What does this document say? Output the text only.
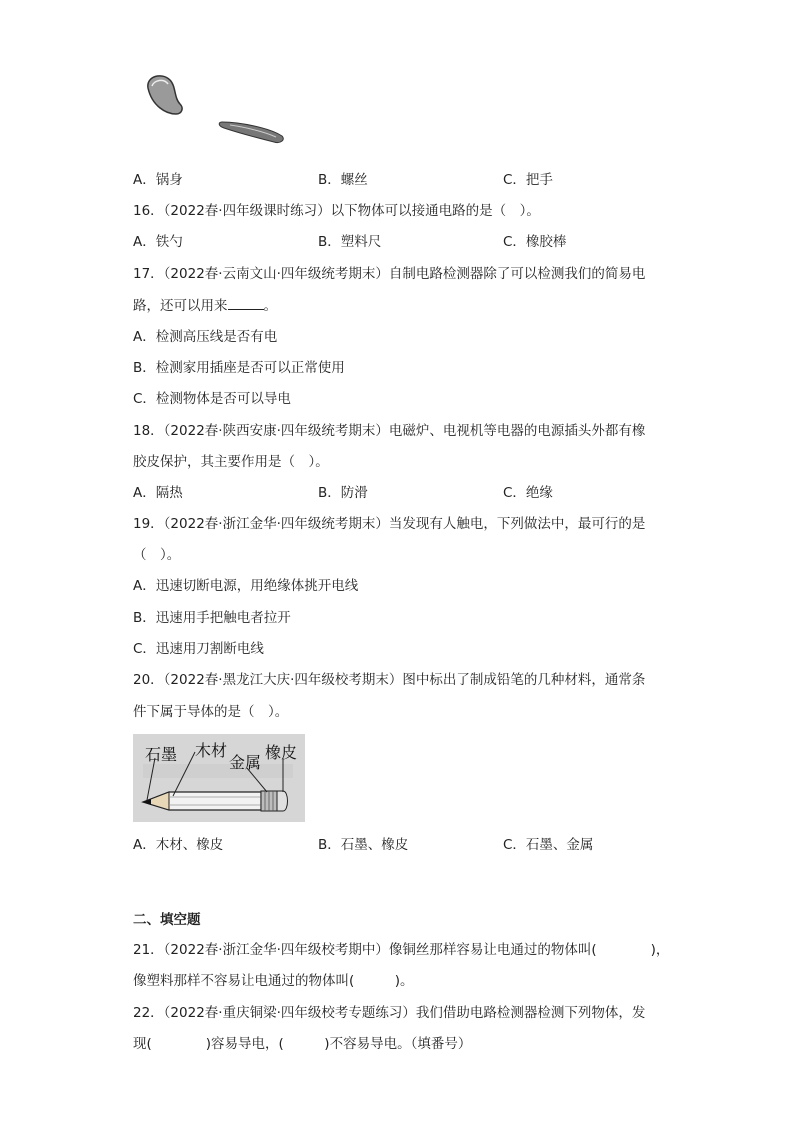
A．锅身	B．螺丝	C．把手
16．（2022春·四年级课时练习）以下物体可以接通电路的是（　）。
A．铁勺	B．塑料尺	C．橡胶棒
17．（2022春·云南文山·四年级统考期末）自制电路检测器除了可以检测我们的简易电
路，还可以用来	。
A．检测高压线是否有电
B．检测家用插座是否可以正常使用
C．检测物体是否可以导电
18．（2022春·陕西安康·四年级统考期末）电磁炉、电视机等电器的电源插头外都有橡
胶皮保护，其主要作用是（　）。
A．隔热	B．防滑	C．绝缘
19．（2022春·浙江金华·四年级统考期末）当发现有人触电，下列做法中，最可行的是
（　）。
A．迅速切断电源，用绝缘体挑开电线
B．迅速用手把触电者拉开
C．迅速用刀割断电线
20．（2022春·黑龙江大庆·四年级校考期末）图中标出了制成铅笔的几种材料，通常条
件下属于导体的是（　）。
石墨 木材
金属
橡皮
A．木材、橡皮	B．石墨、橡皮	C．石墨、金属
二、填空题
21．（2022春·浙江金华·四年级校考期中）像铜丝那样容易让电通过的物体叫(　　　　)，
像塑料那样不容易让电通过的物体叫(　　　)。
22．（2022春·重庆铜梁·四年级校考专题练习）我们借助电路检测器检测下列物体，发
现(　　　　)容易导电，(　　　)不容易导电。（填番号）
